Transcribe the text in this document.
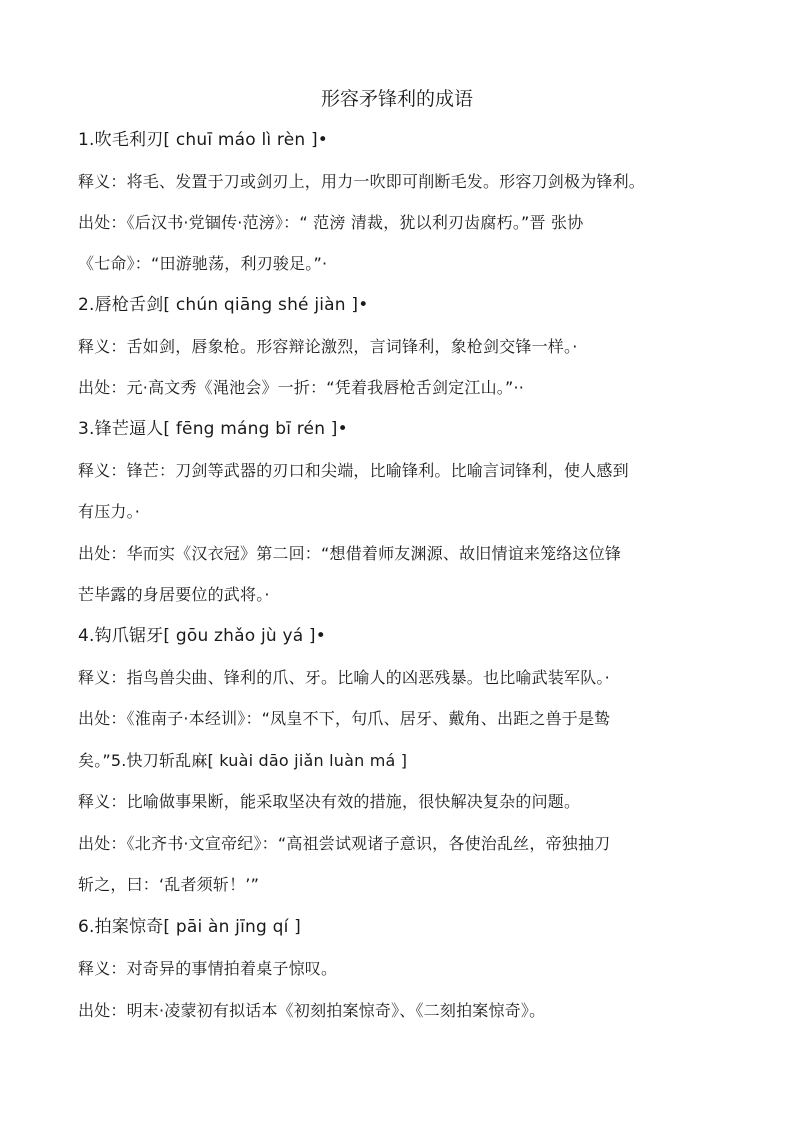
形容矛锋利的成语
1.吹毛利刃[ chuī máo lì rèn ]•
释义：将毛、发置于刀或剑刃上，用力一吹即可削断毛发。形容刀剑极为锋利。
出处：《后汉书·党锢传·范滂》：“ 范滂 清裁，犹以利刃齿腐朽。”晋 张协
《七命》：“田游驰荡，利刃骏足。”·
2.唇枪舌剑[ chún qiāng shé jiàn ]•
释义：舌如剑，唇象枪。形容辩论激烈，言词锋利，象枪剑交锋一样。·
出处：元·高文秀《渑池会》一折：“凭着我唇枪舌剑定江山。”··
3.锋芒逼人[ fēng máng bī rén ]•
释义：锋芒：刀剑等武器的刃口和尖端，比喻锋利。比喻言词锋利，使人感到
有压力。·
出处：华而实《汉衣冠》第二回：“想借着师友渊源、故旧情谊来笼络这位锋
芒毕露的身居要位的武将。·
4.钩爪锯牙[ gōu zhǎo jù yá ]•
释义：指鸟兽尖曲、锋利的爪、牙。比喻人的凶恶残暴。也比喻武装军队。·
出处：《淮南子·本经训》：“凤皇不下，句爪、居牙、戴角、出距之兽于是鸷
矣。”5.快刀斩乱麻[ kuài dāo jiǎn luàn má ]
释义：比喻做事果断，能采取坚决有效的措施，很快解决复杂的问题。
出处：《北齐书·文宣帝纪》：“高祖尝试观诸子意识，各使治乱丝，帝独抽刀
斩之，曰：‘乱者须斩！’”
6.拍案惊奇[ pāi àn jīng qí ]
释义：对奇异的事情拍着桌子惊叹。
出处：明末·凌蒙初有拟话本《初刻拍案惊奇》、《二刻拍案惊奇》。
